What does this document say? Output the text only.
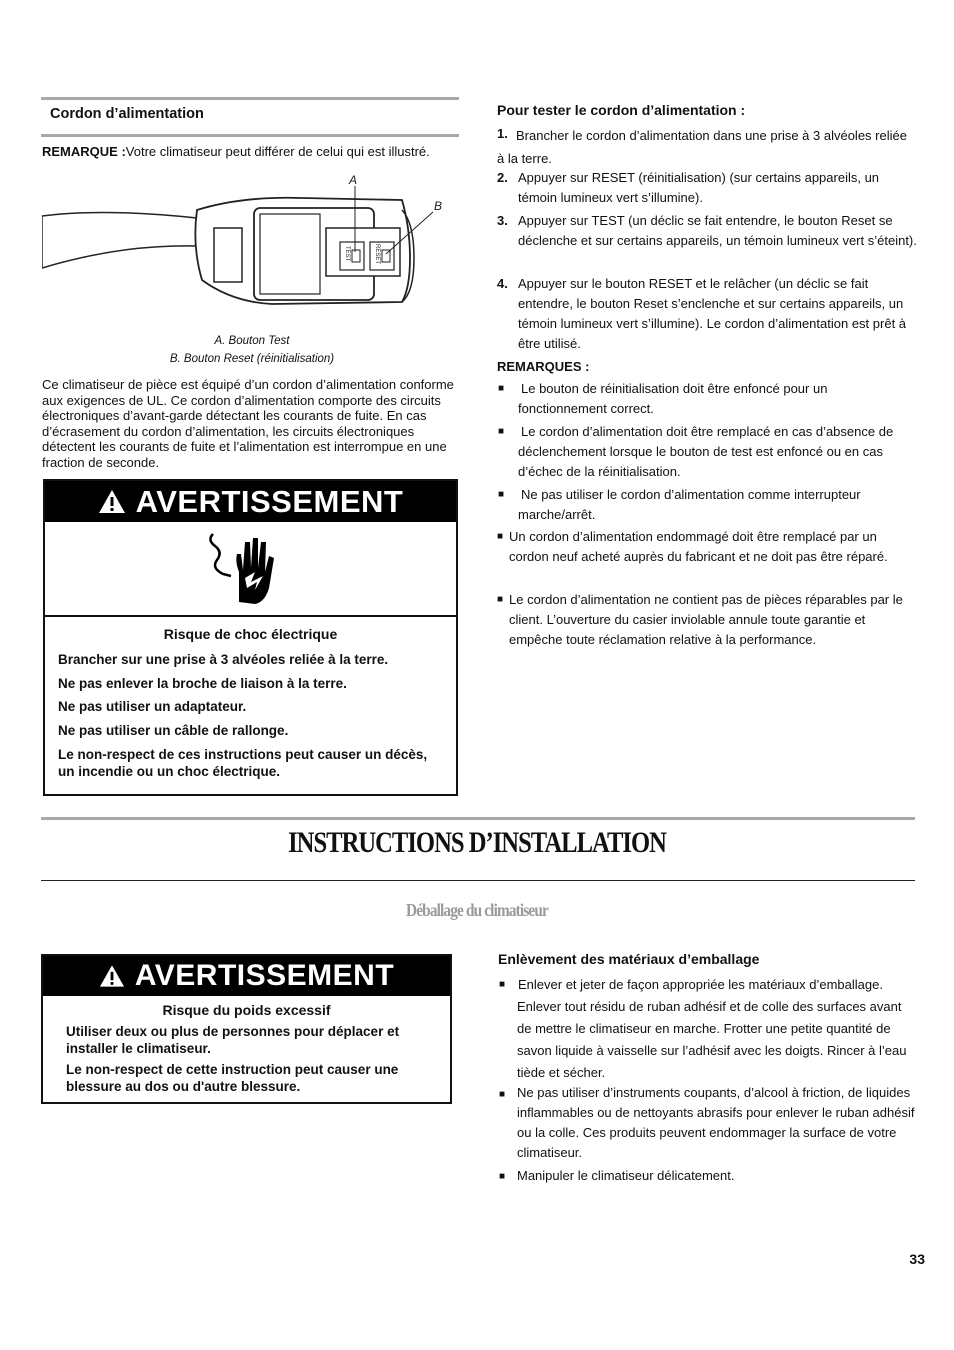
Cordon d’alimentation
REMARQUE :Votre climatiseur peut différer de celui qui est illustré.
TEST	RESET
A
B
A. Bouton Test
B. Bouton Reset (réinitialisation)
Ce climatiseur de pièce est équipé d’un cordon d’alimentation conforme aux exigences de UL. Ce cordon d’alimentation comporte des circuits électroniques d’avant-garde détectant les courants de fuite. En cas d’écrasement du cordon d’alimentation, les circuits électroniques détectent les courants de fuite et l’alimentation est interrompue en une fraction de seconde.
AVERTISSEMENT
Risque de choc électrique
Brancher sur une prise à 3 alvéoles reliée à la terre.
Ne pas enlever la broche de liaison à la terre.
Ne pas utiliser un adaptateur.
Ne pas utiliser un câble de rallonge.
Le non-respect de ces instructions peut causer un décès, un incendie ou un choc électrique.
Pour tester le cordon d’alimentation :
1. Brancher le cordon d’alimentation dans une prise à 3 alvéoles reliée à la terre.
2. Appuyer sur RESET (réinitialisation) (sur certains appareils, un témoin lumineux vert s’illumine).
3. Appuyer sur TEST (un déclic se fait entendre, le bouton Reset se déclenche et sur certains appareils, un témoin lumineux vert s’éteint).
4. Appuyer sur le bouton RESET et le relâcher (un déclic se fait entendre, le bouton Reset s’enclenche et sur certains appareils, un témoin lumineux vert s’illumine). Le cordon d’alimentation est prêt à être utilisé.
REMARQUES :
■ Le bouton de réinitialisation doit être enfoncé pour un fonctionnement correct.
■ Le cordon d’alimentation doit être remplacé en cas d’absence de déclenchement lorsque le bouton de test est enfoncé ou en cas d’échec de la réinitialisation.
■ Ne pas utiliser le cordon d’alimentation comme interrupteur marche/arrêt.
■ Un cordon d’alimentation endommagé doit être remplacé par un cordon neuf acheté auprès du fabricant et ne doit pas être réparé.
■ Le cordon d’alimentation ne contient pas de pièces réparables par le client. L’ouverture du casier inviolable annule toute garantie et empêche toute réclamation relative à la performance.
INSTRUCTIONS D’INSTALLATION
Déballage du climatiseur
AVERTISSEMENT
Risque du poids excessif
Utiliser deux ou plus de personnes pour déplacer et installer le climatiseur.
Le non-respect de cette instruction peut causer une blessure au dos ou d'autre blessure.
Enlèvement des matériaux d’emballage
■ Enlever et jeter de façon appropriée les matériaux d’emballage. Enlever tout résidu de ruban adhésif et de colle des surfaces avant de mettre le climatiseur en marche. Frotter une petite quantité de savon liquide à vaisselle sur l’adhésif avec les doigts. Rincer à l’eau tiède et sécher.
■ Ne pas utiliser d’instruments coupants, d’alcool à friction, de liquides inflammables ou de nettoyants abrasifs pour enlever le ruban adhésif ou la colle. Ces produits peuvent endommager la surface de votre climatiseur.
■ Manipuler le climatiseur délicatement.
33
